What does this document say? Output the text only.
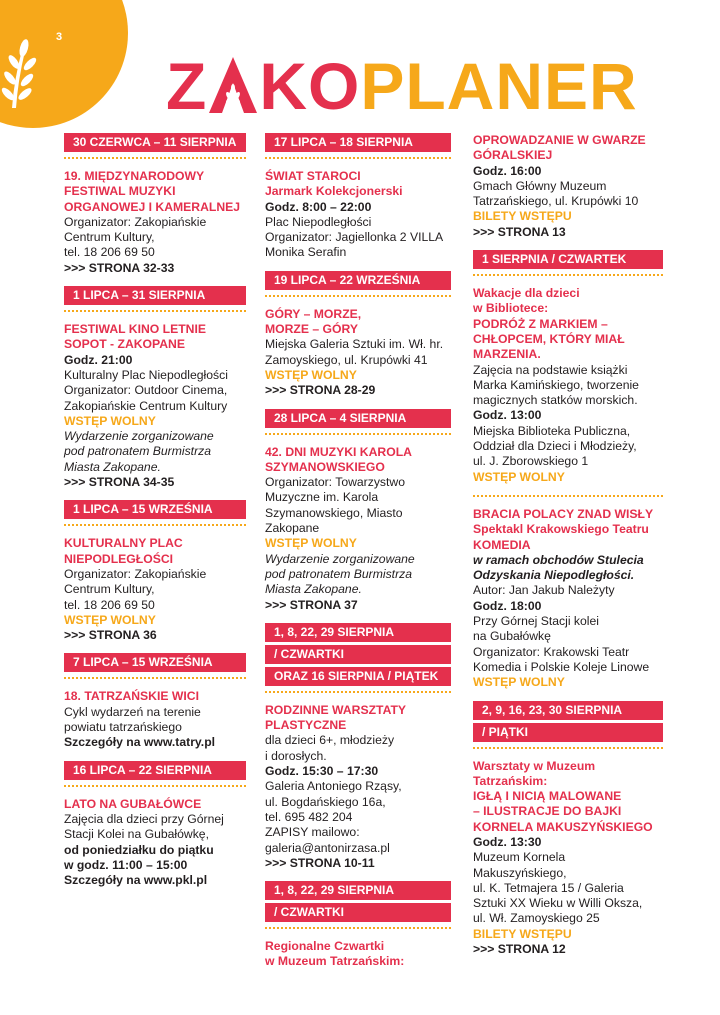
3
Z KOPLANER
30 CZERWCA – 11 SIERPNIA
19. MIĘDZYNARODOWY
FESTIWAL MUZYKI
ORGANOWEJ I KAMERALNEJ
Organizator: Zakopiańskie
Centrum Kultury,
tel. 18 206 69 50
>>> STRONA 32-33
1 LIPCA – 31 SIERPNIA
FESTIWAL KINO LETNIE
SOPOT - ZAKOPANE
Godz. 21:00
Kulturalny Plac Niepodległości
Organizator: Outdoor Cinema,
Zakopiańskie Centrum Kultury
WSTĘP WOLNY
Wydarzenie zorganizowane
pod patronatem Burmistrza
Miasta Zakopane.
>>> STRONA 34-35
1 LIPCA – 15 WRZEŚNIA
KULTURALNY PLAC
NIEPODLEGŁOŚCI
Organizator: Zakopiańskie
Centrum Kultury,
tel. 18 206 69 50
WSTĘP WOLNY
>>> STRONA 36
7 LIPCA – 15 WRZEŚNIA
18. TATRZAŃSKIE WICI
Cykl wydarzeń na terenie
powiatu tatrzańskiego
Szczegóły na www.tatry.pl
16 LIPCA – 22 SIERPNIA
LATO NA GUBAŁÓWCE
Zajęcia dla dzieci przy Górnej
Stacji Kolei na Gubałówkę,
od poniedziałku do piątku
w godz. 11:00 – 15:00
Szczegóły na www.pkl.pl
17 LIPCA – 18 SIERPNIA
ŚWIAT STAROCI
Jarmark Kolekcjonerski
Godz. 8:00 – 22:00
Plac Niepodległości
Organizator: Jagiellonka 2 VILLA
Monika Serafin
19 LIPCA – 22 WRZEŚNIA
GÓRY – MORZE,
MORZE – GÓRY
Miejska Galeria Sztuki im. Wł. hr.
Zamoyskiego, ul. Krupówki 41
WSTĘP WOLNY
>>> STRONA 28-29
28 LIPCA – 4 SIERPNIA
42. DNI MUZYKI KAROLA
SZYMANOWSKIEGO
Organizator: Towarzystwo
Muzyczne im. Karola
Szymanowskiego, Miasto
Zakopane
WSTĘP WOLNY
Wydarzenie zorganizowane
pod patronatem Burmistrza
Miasta Zakopane.
>>> STRONA 37
1, 8, 22, 29 SIERPNIA
/ CZWARTKI
ORAZ 16 SIERPNIA / PIĄTEK
RODZINNE WARSZTATY
PLASTYCZNE
dla dzieci 6+, młodzieży
i dorosłych.
Godz. 15:30 – 17:30
Galeria Antoniego Rząsy,
ul. Bogdańskiego 16a,
tel. 695 482 204
ZAPISY mailowo:
galeria@antonirzasa.pl
>>> STRONA 10-11
1, 8, 22, 29 SIERPNIA
/ CZWARTKI
Regionalne Czwartki
w Muzeum Tatrzańskim:
OPROWADZANIE W GWARZE
GÓRALSKIEJ
Godz. 16:00
Gmach Główny Muzeum
Tatrzańskiego, ul. Krupówki 10
BILETY WSTĘPU
>>> STRONA 13
1 SIERPNIA / CZWARTEK
Wakacje dla dzieci
w Bibliotece:
PODRÓŻ Z MARKIEM –
CHŁOPCEM, KTÓRY MIAŁ
MARZENIA.
Zajęcia na podstawie książki
Marka Kamińskiego, tworzenie
magicznych statków morskich.
Godz. 13:00
Miejska Biblioteka Publiczna,
Oddział dla Dzieci i Młodzieży,
ul. J. Zborowskiego 1
WSTĘP WOLNY
BRACIA POLACY ZNAD WISŁY
Spektakl Krakowskiego Teatru
KOMEDIA
w ramach obchodów Stulecia
Odzyskania Niepodległości.
Autor: Jan Jakub Należyty
Godz. 18:00
Przy Górnej Stacji kolei
na Gubałówkę
Organizator: Krakowski Teatr
Komedia i Polskie Koleje Linowe
WSTĘP WOLNY
2, 9, 16, 23, 30 SIERPNIA
/ PIĄTKI
Warsztaty w Muzeum
Tatrzańskim:
IGŁĄ I NICIĄ MALOWANE
– ILUSTRACJE DO BAJKI
KORNELA MAKUSZYŃSKIEGO
Godz. 13:30
Muzeum Kornela
Makuszyńskiego,
ul. K. Tetmajera 15 / Galeria
Sztuki XX Wieku w Willi Oksza,
ul. Wł. Zamoyskiego 25
BILETY WSTĘPU
>>> STRONA 12
